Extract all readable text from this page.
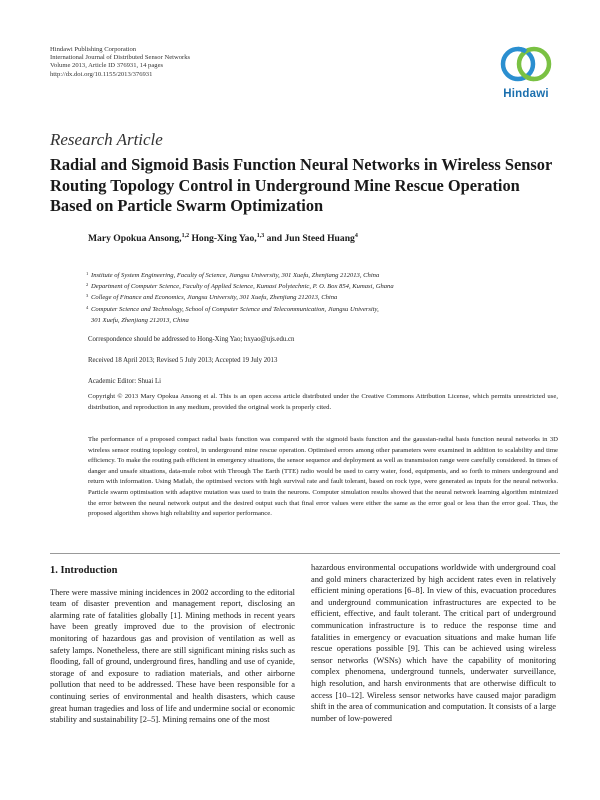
Hindawi Publishing Corporation
International Journal of Distributed Sensor Networks
Volume 2013, Article ID 376931, 14 pages
http://dx.doi.org/10.1155/2013/376931
Hindawi
Research Article
Radial and Sigmoid Basis Function Neural Networks in Wireless Sensor Routing Topology Control in Underground Mine Rescue Operation Based on Particle Swarm Optimization
Mary Opokua Ansong,$^{1,2}$ Hong-Xing Yao,$^{1,3}$ and Jun Steed Huang$^4$
1 Institute of System Engineering, Faculty of Science, Jiangsu University, 301 Xuefu, Zhenjiang 212013, China
2 Department of Computer Science, Faculty of Applied Science, Kumasi Polytechnic, P. O. Box 854, Kumasi, Ghana
3 College of Finance and Economics, Jiangsu University, 301 Xuefu, Zhenjiang 212013, China
4 Computer Science and Technology, School of Computer Science and Telecommunication, Jiangsu University,
301 Xuefu, Zhenjiang 212013, China
Correspondence should be addressed to Hong-Xing Yao; hxyao@ujs.edu.cn
Received 18 April 2013; Revised 5 July 2013; Accepted 19 July 2013
Academic Editor: Shuai Li
Copyright © 2013 Mary Opokua Ansong et al. This is an open access article distributed under the Creative Commons Attribution License, which permits unrestricted use, distribution, and reproduction in any medium, provided the original work is properly cited.
The performance of a proposed compact radial basis function was compared with the sigmoid basis function and the gaussian-radial basis function neural networks in 3D wireless sensor routing topology control, in underground mine rescue operation. Optimised errors among other parameters were examined in addition to scalability and time efficiency. To make the routing path efficient in emergency situations, the sensor sequence and deployment as well as transmission range were carefully considered. In times of danger and unsafe situations, data-mule robot with Through The Earth (TTE) radio would be used to carry water, food, equipments, and so forth to miners underground and return with information. Using Matlab, the optimised vectors with high survival rate and fault tolerant, based on rock type, were generated as inputs for the neural networks. Particle swarm optimisation with adaptive mutation was used to train the neurons. Computer simulation results showed that the neural network learning algorithm minimized the error between the neural network output and the desired output such that final error values were either the same as the error goal or less than the error goal. Thus, the proposed algorithm shows high reliability and superior performance.
1. Introduction
There were massive mining incidences in 2002 according to the editorial team of disaster prevention and management report, disclosing an alarming rate of fatalities globally [1]. Mining methods in recent years have been greatly improved due to the provision of electronic monitoring of hazardous gas and provision of ventilation as well as safety lamps. Nonetheless, there are still significant mining risks such as flooding, fall of ground, underground fires, handling and use of cyanide, storage of and exposure to radiation materials, and other airborne pollution that need to be addressed. These have been responsible for a continuing series of environmental and health disasters, which cause great human tragedies and loss of life and undermine social or economic stability and sustainability [2–5]. Mining remains one of the most
hazardous environmental occupations worldwide with underground coal and gold miners characterized by high accident rates even in relatively efficient mining operations [6–8]. In view of this, evacuation procedures and underground communication infrastructures are expected to be efficient, effective, and fault tolerant. The critical part of underground communication infrastructure is to reduce the response time and fatalities in emergency or evacuation situations and make human life rescue operations possible [9]. This can be achieved using wireless sensor networks (WSNs) which have the capability of monitoring complex phenomena, underground tunnels, underwater surveillance, high resolution, and harsh environments that are otherwise difficult to access [10–12]. Wireless sensor networks have caused major paradigm shift in the area of communication and computation. It consists of a large number of low-powered
